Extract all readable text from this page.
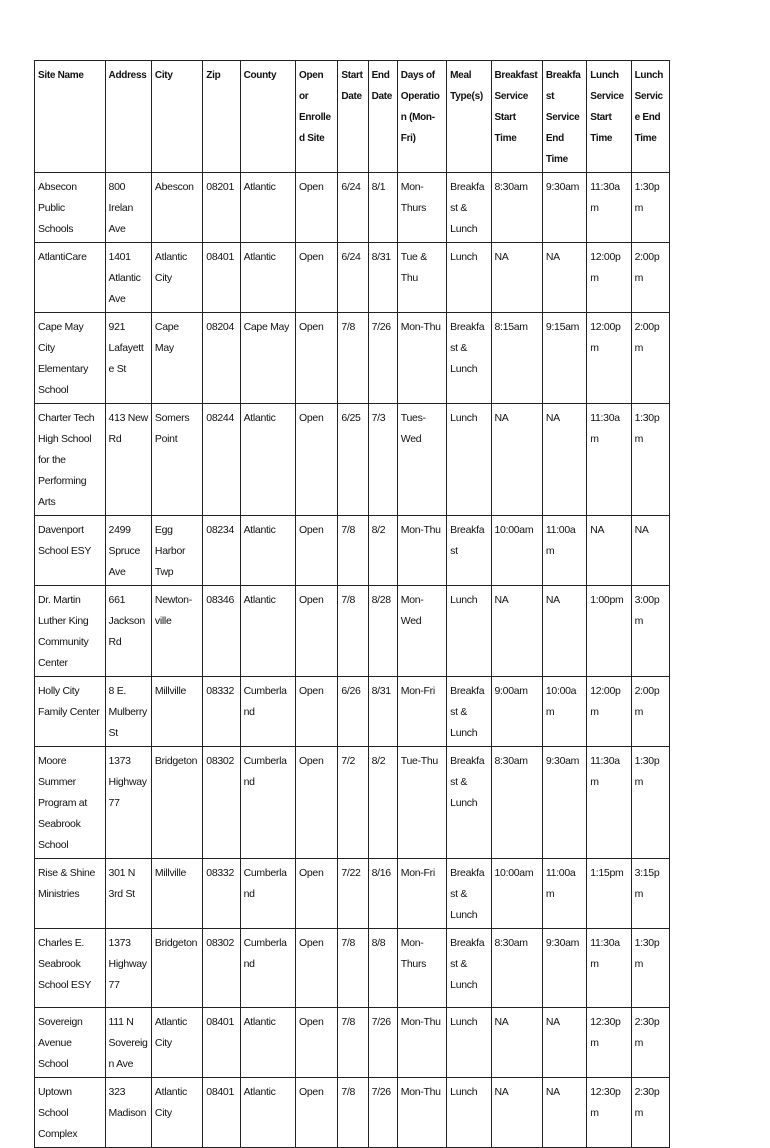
Site Name	Address	City	Zip	County	Open or Enrolled Site	Start Date	End Date	Days of Operation (Mon-Fri)	Meal Type(s)	Breakfast Service Start Time	Breakfast Service End Time	Lunch Service Start Time	Lunch Service End Time

Absecon Public Schools	800 Irelan Ave	Abescon	08201	Atlantic	Open	6/24	8/1	Mon-Thurs	Breakfast & Lunch	8:30am	9:30am	11:30am	1:30pm

AtlantiCare	1401 Atlantic Ave	Atlantic City	08401	Atlantic	Open	6/24	8/31	Tue & Thu	Lunch	NA	NA	12:00pm	2:00pm

Cape May City Elementary School	921 Lafayette St	Cape May	08204	Cape May	Open	7/8	7/26	Mon-Thu	Breakfast & Lunch	8:15am	9:15am	12:00pm	2:00pm

Charter Tech High School for the Performing Arts	413 New Rd	Somers Point	08244	Atlantic	Open	6/25	7/3	Tues-Wed	Lunch	NA	NA	11:30am	1:30pm

Davenport School ESY	2499 Spruce Ave	Egg Harbor Twp	08234	Atlantic	Open	7/8	8/2	Mon-Thu	Breakfast	10:00am	11:00am	NA	NA

Dr. Martin Luther King Community Center	661 Jackson Rd	Newton-ville	08346	Atlantic	Open	7/8	8/28	Mon-Wed	Lunch	NA	NA	1:00pm	3:00pm

Holly City Family Center	8 E. Mulberry St	Millville	08332	Cumberland	Open	6/26	8/31	Mon-Fri	Breakfast & Lunch	9:00am	10:00am	12:00pm	2:00pm

Moore Summer Program at Seabrook School	1373 Highway 77	Bridgeton	08302	Cumberland	Open	7/2	8/2	Tue-Thu	Breakfast & Lunch	8:30am	9:30am	11:30am	1:30pm

Rise & Shine Ministries	301 N 3rd St	Millville	08332	Cumberland	Open	7/22	8/16	Mon-Fri	Breakfast & Lunch	10:00am	11:00am	1:15pm	3:15pm

Charles E. Seabrook School ESY	1373 Highway 77	Bridgeton	08302	Cumberland	Open	7/8	8/8	Mon-Thurs	Breakfast & Lunch	8:30am	9:30am	11:30am	1:30pm

Sovereign Avenue School	111 N Sovereign Ave	Atlantic City	08401	Atlantic	Open	7/8	7/26	Mon-Thu	Lunch	NA	NA	12:30pm	2:30pm

Uptown School Complex	323 Madison	Atlantic City	08401	Atlantic	Open	7/8	7/26	Mon-Thu	Lunch	NA	NA	12:30pm	2:30pm
